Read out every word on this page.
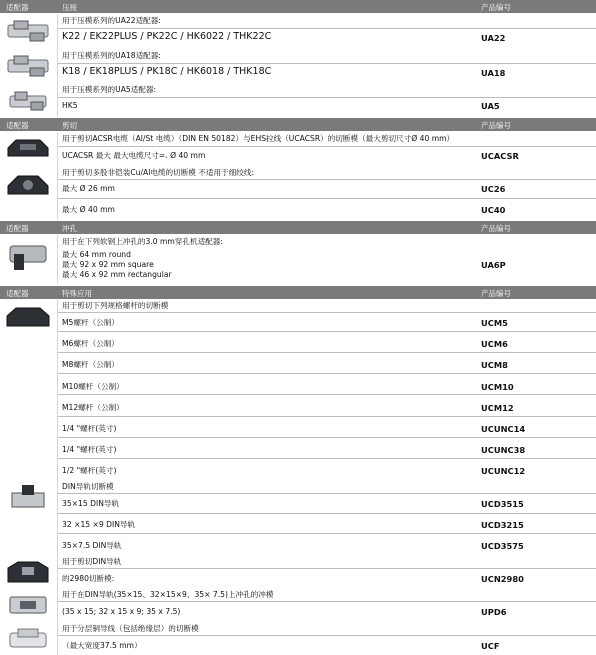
适配器	压接	产品编号
用于压模系列的UA22适配器:
K22 / EK22PLUS / PK22C / HK6022 / THK22C	UA22
用于压模系列的UA18适配器:
K18 / EK18PLUS / PK18C / HK6018 / THK18C	UA18
用于压模系列的UA5适配器:
HK5	UA5
适配器	剪切	产品编号
用于剪切ACSR电缆（Al/St 电缆）（DIN EN 50182）与EHS拉线（UCACSR）的切断模（最大剪切尺寸Ø 40 mm）
UCACSR 最大 最大电缆尺寸=. Ø 40 mm	UCACSR
用于剪切多股非铠装Cu/Al电缆的切断模 不适用于细绞线:
最大 Ø 26 mm	UC26
最大 Ø 40 mm	UC40
适配器	冲孔	产品编号
用于在下列软钢上冲孔的3.0 mm穿孔机适配器:
最大 64 mm round
最大 92 x 92 mm square
最大 46 x 92 mm rectangular
UA6P
适配器	特殊应用	产品编号
用于剪切下列规格螺杆的切断模
M5螺杆（公制）	UCM5
M6螺杆（公制）	UCM6
M8螺杆（公制）	UCM8
M10螺杆（公制）	UCM10
M12螺杆（公制）	UCM12
1/4 "螺杆(英寸)	UCUNC14
1/4 "螺杆(英寸)	UCUNC38
1/2 "螺杆(英寸)	UCUNC12
DIN导轨切断模
35×15 DIN导轨	UCD3515
32 ×15 ×9 DIN导轨	UCD3215
35×7.5 DIN导轨	UCD3575
用于剪切DIN导轨
的2980切断模:	UCN2980
用于在DIN导轨(35×15、32×15×9、35× 7.5)上冲孔的冲模
(35 x 15; 32 x 15 x 9; 35 x 7.5)	UPD6
用于分层铜导线（包括绝缘层）的切断模
（最大宽度37.5 mm）	UCF
